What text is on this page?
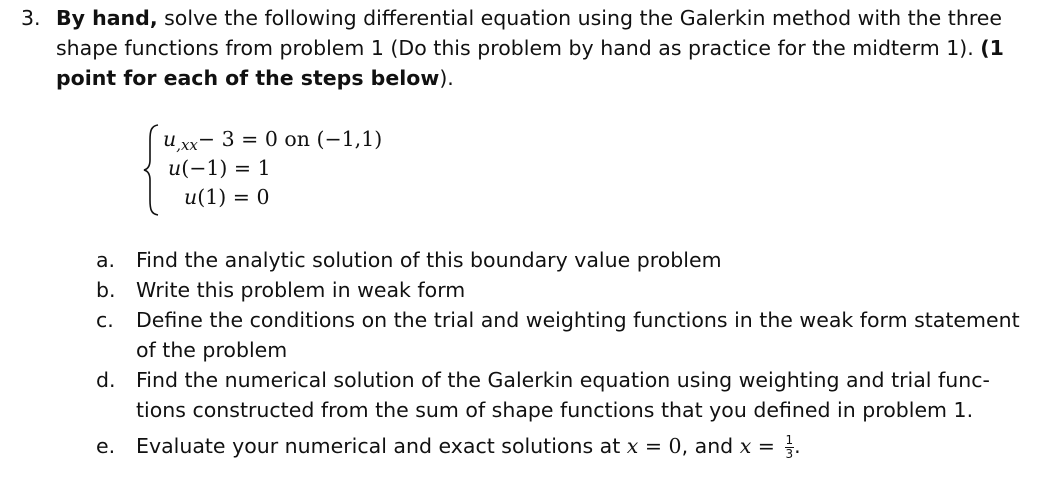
3. By hand, solve the following differential equation using the Galerkin method with the three
shape functions from problem 1 (Do this problem by hand as practice for the midterm 1). (1
point for each of the steps below).
$u_{,xx}- 3 = 0$ on (−1,1)
u(−1) = 1
u(1) = 0
a. Find the analytic solution of this boundary value problem
b. Write this problem in weak form
c. Define the conditions on the trial and weighting functions in the weak form statement
of the problem
d. Find the numerical solution of the Galerkin equation using weighting and trial func-
tions constructed from the sum of shape functions that you defined in problem 1.
e. Evaluate your numerical and exact solutions at x = 0, and $x = \frac{1}{3}$ .
